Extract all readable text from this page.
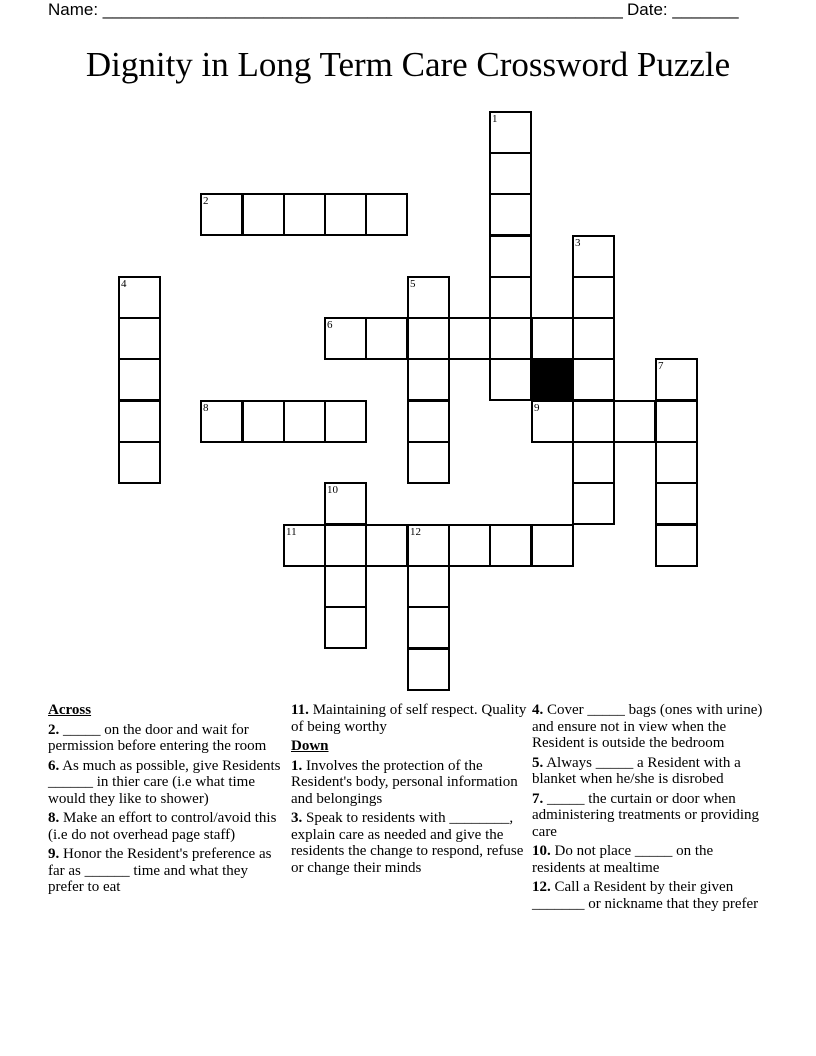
Name: _______________________________________________________ Date: _______
Dignity in Long Term Care Crossword Puzzle
1
2
3
4	5
6
7
8	9
10
11	12
Across
2. _____ on the door and wait for permission before entering the room
6. As much as possible, give Residents ______ in thier care (i.e what time would they like to shower)
8. Make an effort to control/avoid this (i.e do not overhead page staff)
9. Honor the Resident's preference as far as ______ time and what they prefer to eat
11. Maintaining of self respect. Quality of being worthy
Down
1. Involves the protection of the Resident's body, personal information and belongings
3. Speak to residents with ________, explain care as needed and give the residents the change to respond, refuse or change their minds
4. Cover _____ bags (ones with urine) and ensure not in view when the Resident is outside the bedroom
5. Always _____ a Resident with a blanket when he/she is disrobed
7. _____ the curtain or door when administering treatments or providing care
10. Do not place _____ on the residents at mealtime
12. Call a Resident by their given _______ or nickname that they prefer
